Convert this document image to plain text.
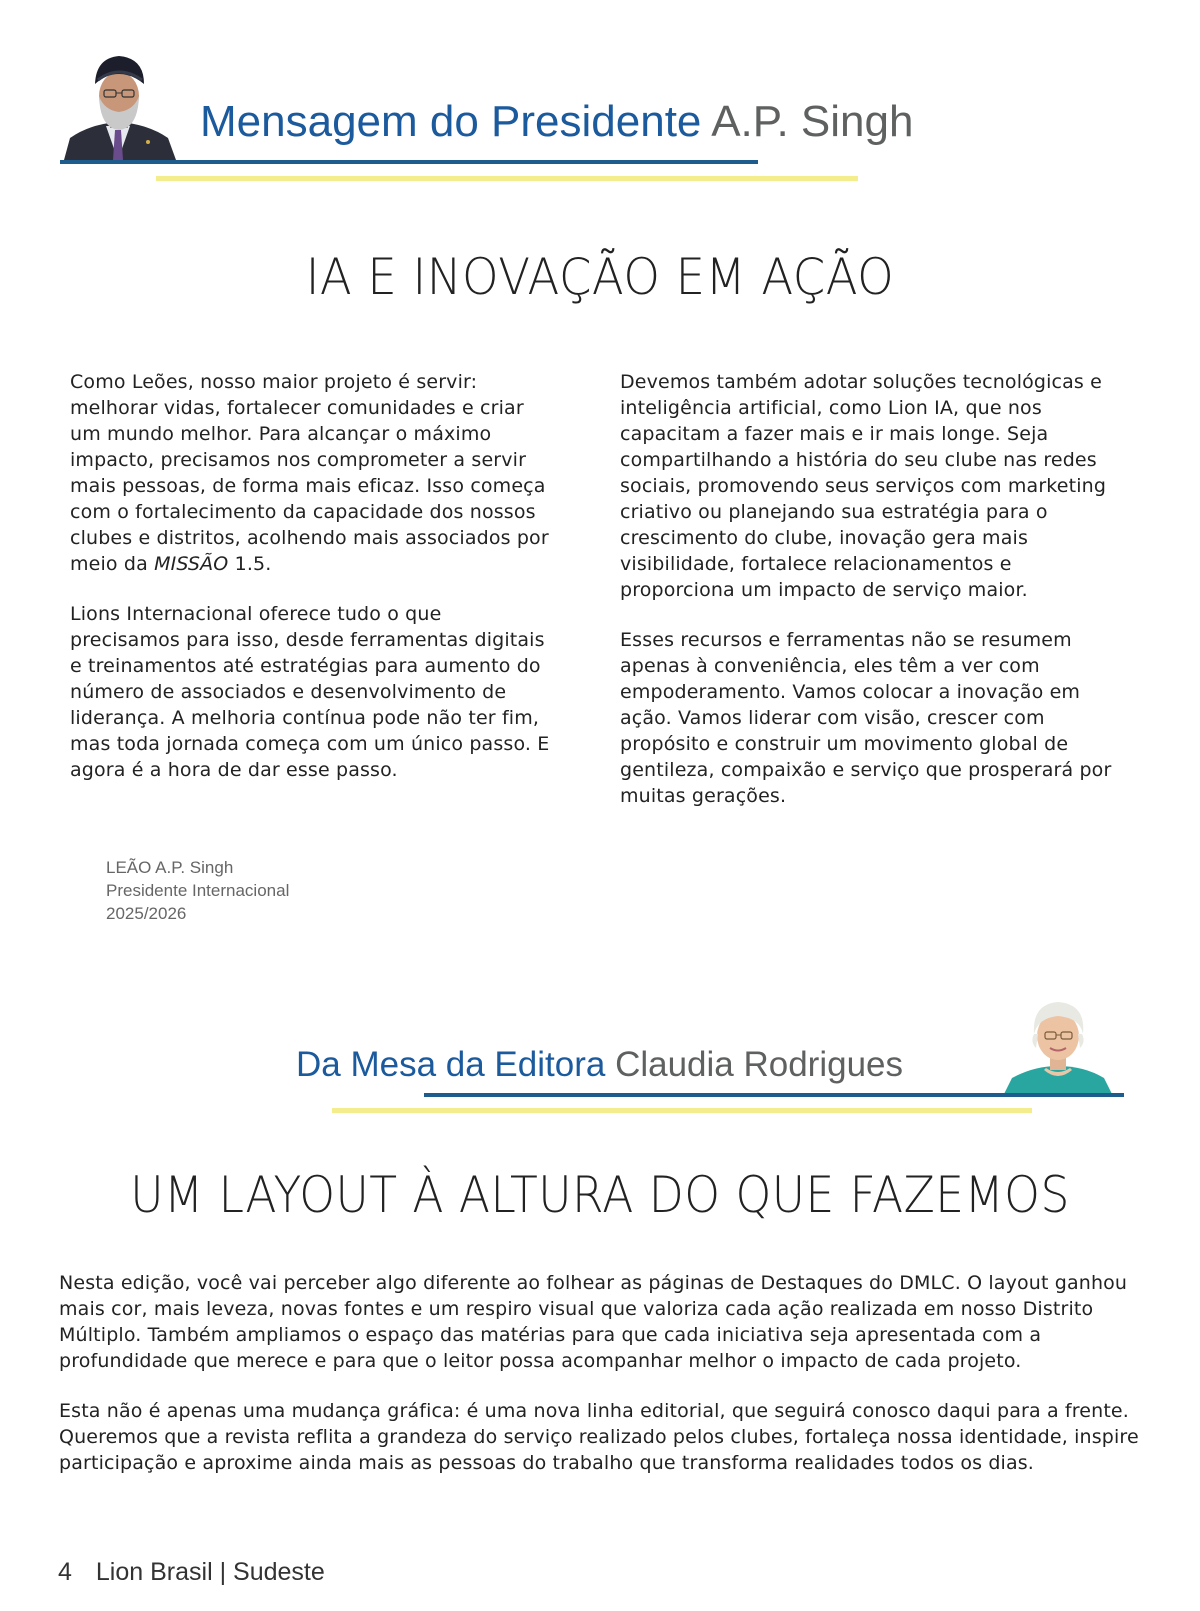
Mensagem do Presidente A.P. Singh
IA E INOVAÇÃO EM AÇÃO

Como Leões, nosso maior projeto é servir: melhorar vidas, fortalecer comunidades e criar um mundo melhor. Para alcançar o máximo impacto, precisamos nos comprometer a servir mais pessoas, de forma mais eficaz. Isso começa com o fortalecimento da capacidade dos nossos clubes e distritos, acolhendo mais associados por meio da MISSÃO 1.5.

Lions Internacional oferece tudo o que precisamos para isso, desde ferramentas digitais e treinamentos até estratégias para aumento do número de associados e desenvolvimento de liderança. A melhoria contínua pode não ter fim, mas toda jornada começa com um único passo. E agora é a hora de dar esse passo.

Devemos também adotar soluções tecnológicas e inteligência artificial, como Lion IA, que nos capacitam a fazer mais e ir mais longe. Seja compartilhando a história do seu clube nas redes sociais, promovendo seus serviços com marketing criativo ou planejando sua estratégia para o crescimento do clube, inovação gera mais visibilidade, fortalece relacionamentos e proporciona um impacto de serviço maior.

Esses recursos e ferramentas não se resumem apenas à conveniência, eles têm a ver com empoderamento. Vamos colocar a inovação em ação. Vamos liderar com visão, crescer com propósito e construir um movimento global de gentileza, compaixão e serviço que prosperará por muitas gerações.

LEÃO A.P. Singh
Presidente Internacional
2025/2026
Da Mesa da Editora Claudia Rodrigues
UM LAYOUT À ALTURA DO QUE FAZEMOS

Nesta edição, você vai perceber algo diferente ao folhear as páginas de Destaques do DMLC. O layout ganhou mais cor, mais leveza, novas fontes e um respiro visual que valoriza cada ação realizada em nosso Distrito Múltiplo. Também ampliamos o espaço das matérias para que cada iniciativa seja apresentada com a profundidade que merece e para que o leitor possa acompanhar melhor o impacto de cada projeto.

Esta não é apenas uma mudança gráfica: é uma nova linha editorial, que seguirá conosco daqui para a frente. Queremos que a revista reflita a grandeza do serviço realizado pelos clubes, fortaleça nossa identidade, inspire participação e aproxime ainda mais as pessoas do trabalho que transforma realidades todos os dias.

4 Lion Brasil | Sudeste
